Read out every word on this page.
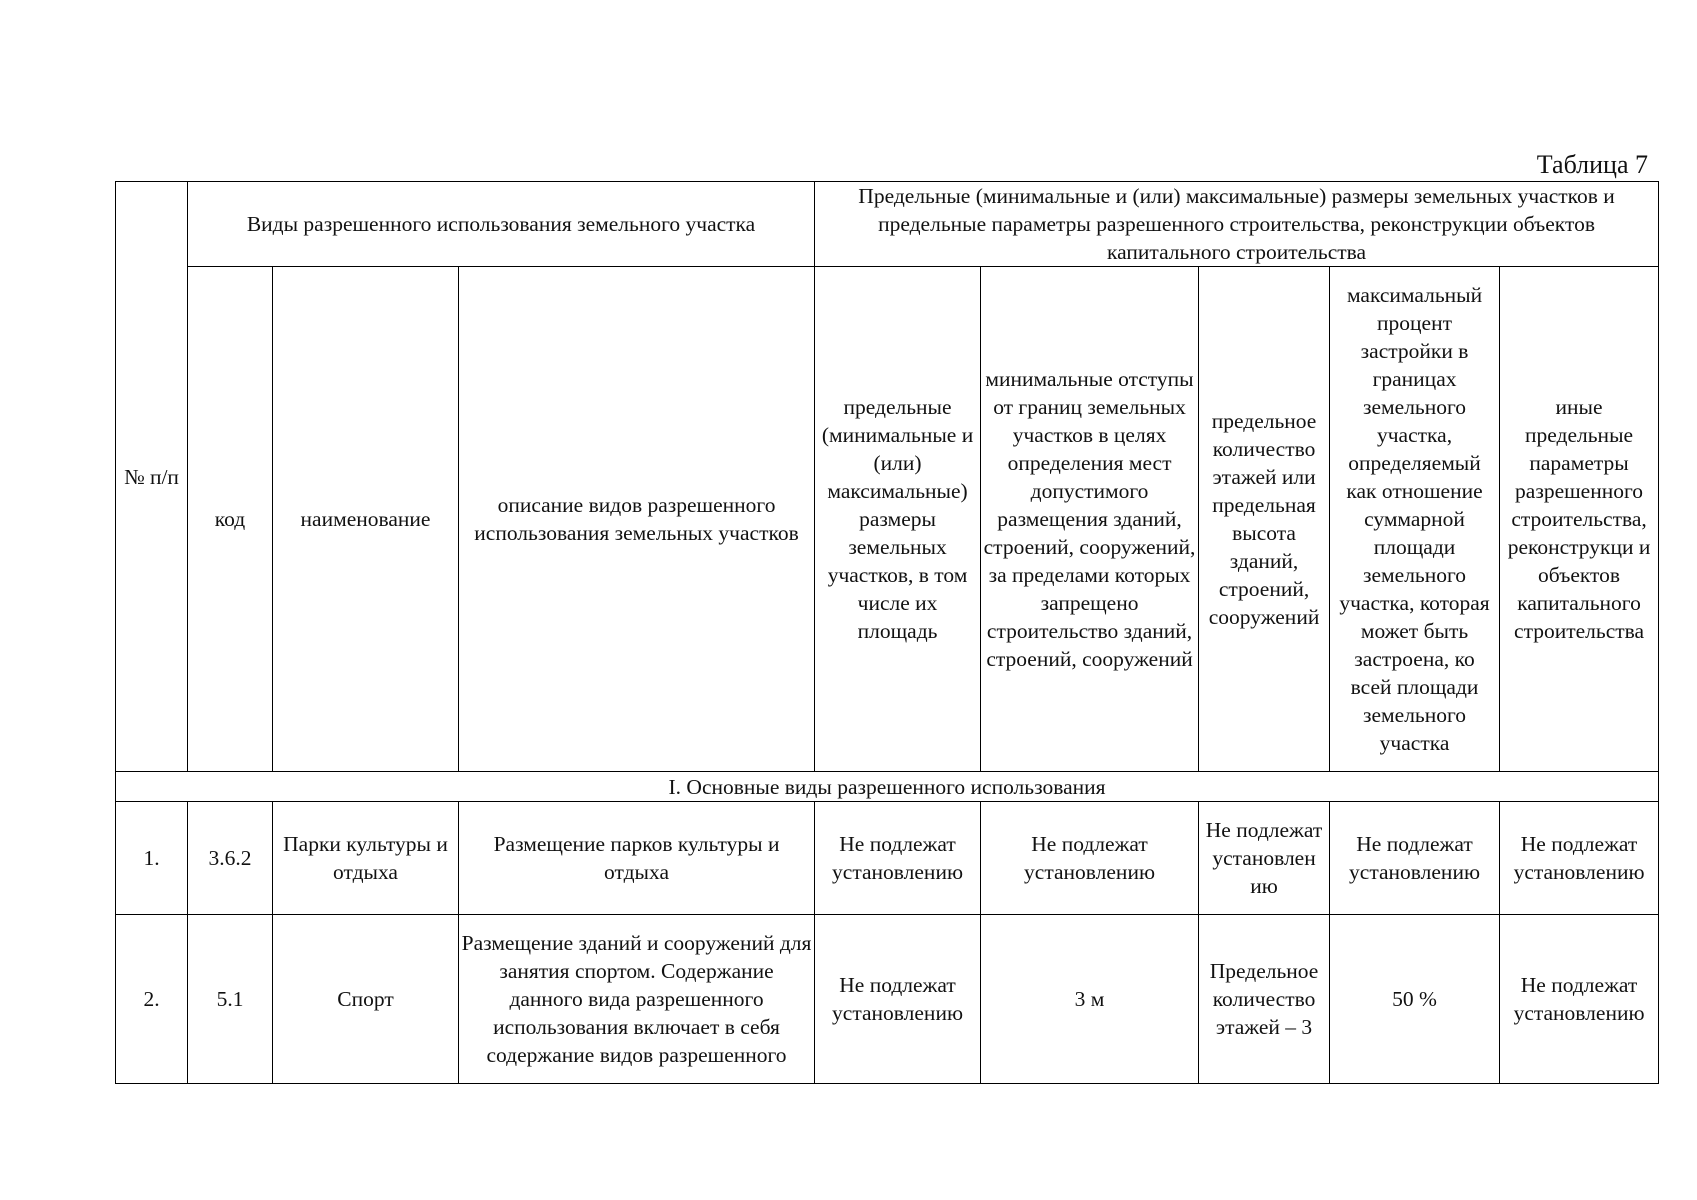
Таблица 7
№ п/п	Виды разрешенного использования земельного участка			Предельные (минимальные и (или) максимальные) размеры земельных участков и предельные параметры разрешенного строительства, реконструкции объектов капитального строительства				
	код	наименование	описание видов разрешенного использования земельных участков	предельные (минимальные и (или) максимальные) размеры земельных участков, в том числе их площадь	минимальные отступы от границ земельных участков в целях определения мест допустимого размещения зданий, строений, сооружений, за пределами которых запрещено строительство зданий, строений, сооружений	предельное количество этажей или предельная высота зданий, строений, сооружений	максимальный процент застройки в границах земельного участка, определяемый как отношение суммарной площади земельного участка, которая может быть застроена, ко всей площади земельного участка	иные предельные параметры разрешенного строительства, реконструкци и объектов капитального строительства
I. Основные виды разрешенного использования								
1.	3.6.2	Парки культуры и отдыха	Размещение парков культуры и отдыха	Не подлежат установлению	Не подлежат установлению	Не подлежат установлен ию	Не подлежат установлению	Не подлежат установлению
2.	5.1	Спорт	Размещение зданий и сооружений для занятия спортом. Содержание данного вида разрешенного использования включает в себя содержание видов разрешенного	Не подлежат установлению	3 м	Предельное количество этажей – 3	50 %	Не подлежат установлению
